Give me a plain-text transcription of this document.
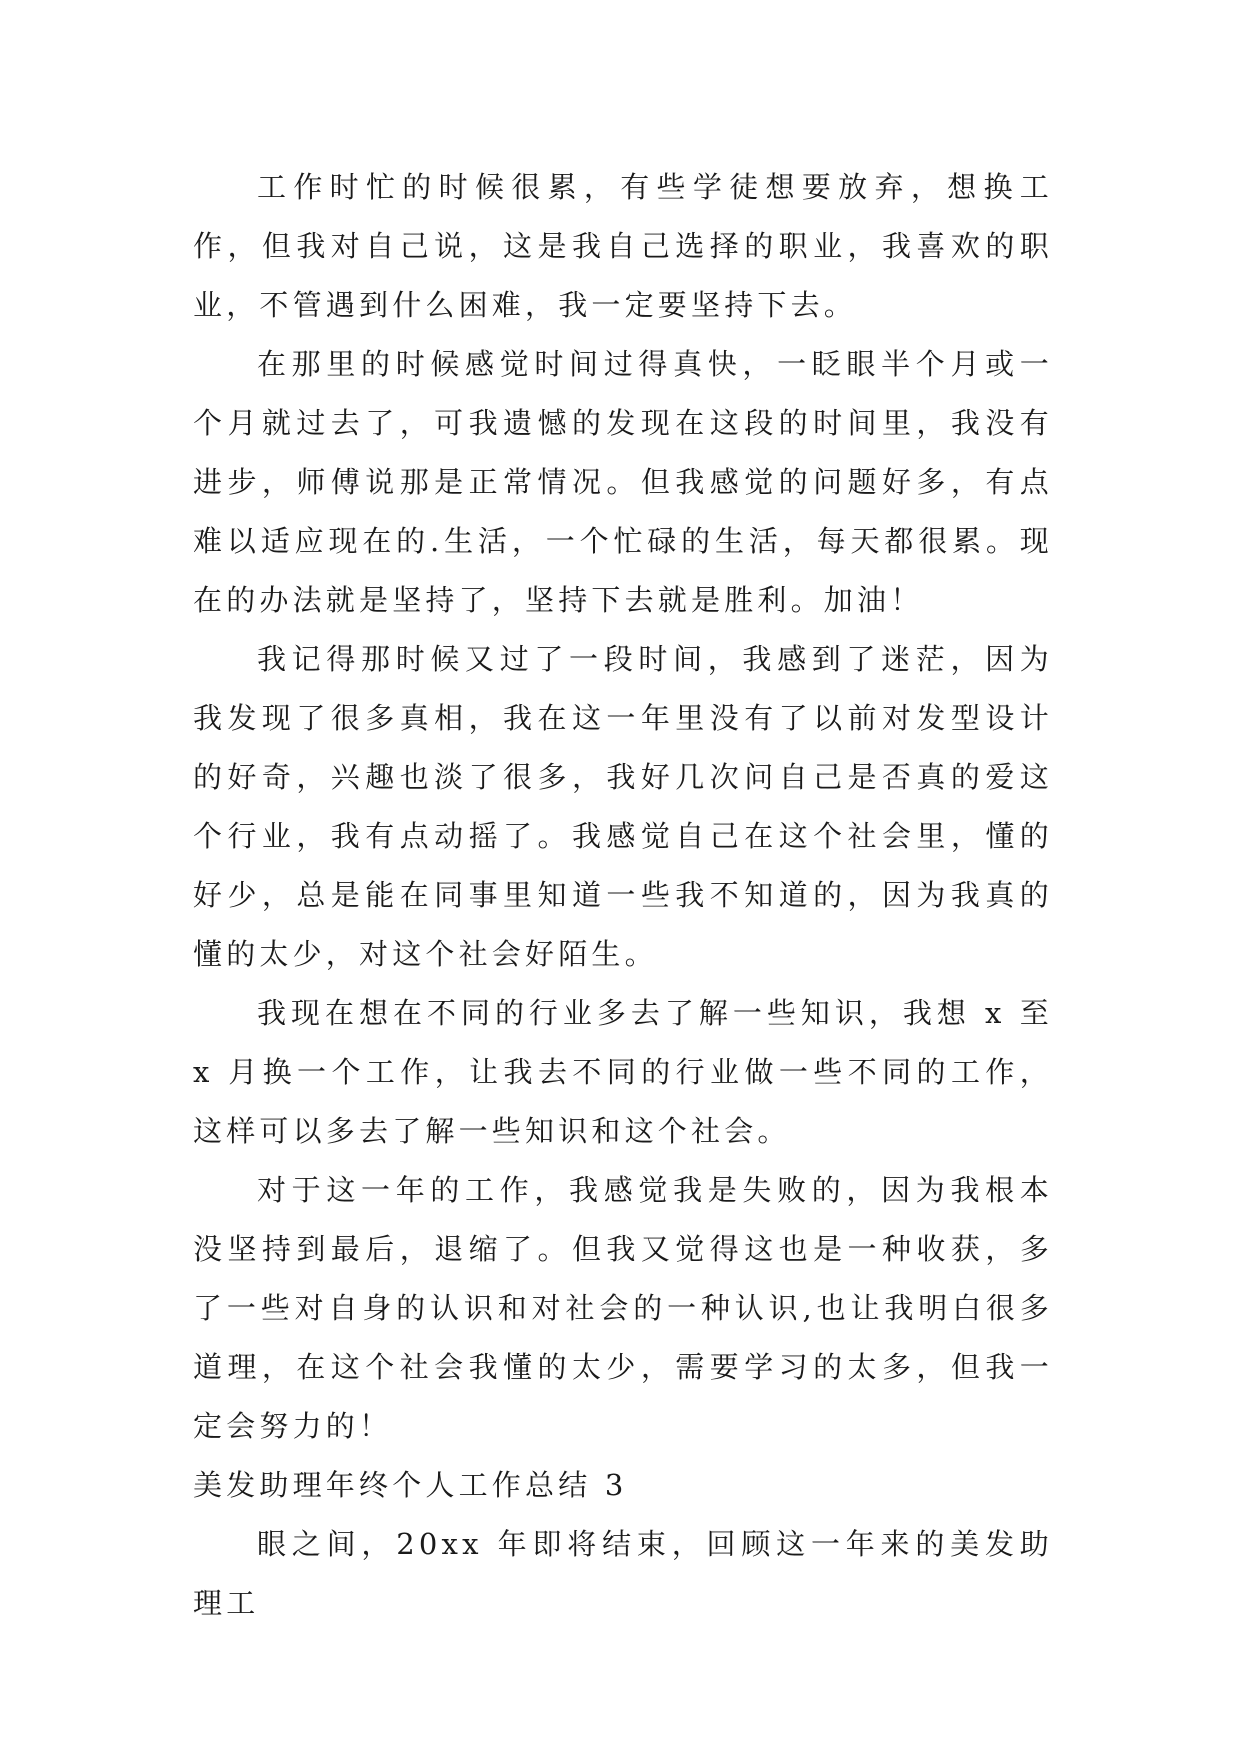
工作时忙的时候很累，有些学徒想要放弃，想换工作，但我对自己说，这是我自己选择的职业，我喜欢的职业，不管遇到什么困难，我一定要坚持下去。

在那里的时候感觉时间过得真快，一眨眼半个月或一个月就过去了，可我遗憾的发现在这段的时间里，我没有进步，师傅说那是正常情况。但我感觉的问题好多，有点难以适应现在的.生活，一个忙碌的生活，每天都很累。现在的办法就是坚持了，坚持下去就是胜利。加油！

我记得那时候又过了一段时间，我感到了迷茫，因为我发现了很多真相，我在这一年里没有了以前对发型设计的好奇，兴趣也淡了很多，我好几次问自己是否真的爱这个行业，我有点动摇了。我感觉自己在这个社会里，懂的好少，总是能在同事里知道一些我不知道的，因为我真的懂的太少，对这个社会好陌生。

我现在想在不同的行业多去了解一些知识，我想 x 至 x 月换一个工作，让我去不同的行业做一些不同的工作，这样可以多去了解一些知识和这个社会。

对于这一年的工作，我感觉我是失败的，因为我根本没坚持到最后，退缩了。但我又觉得这也是一种收获，多了一些对自身的认识和对社会的一种认识,也让我明白很多道理，在这个社会我懂的太少，需要学习的太多，但我一定会努力的！

美发助理年终个人工作总结 3

眼之间，20xx 年即将结束，回顾这一年来的美发助理工
